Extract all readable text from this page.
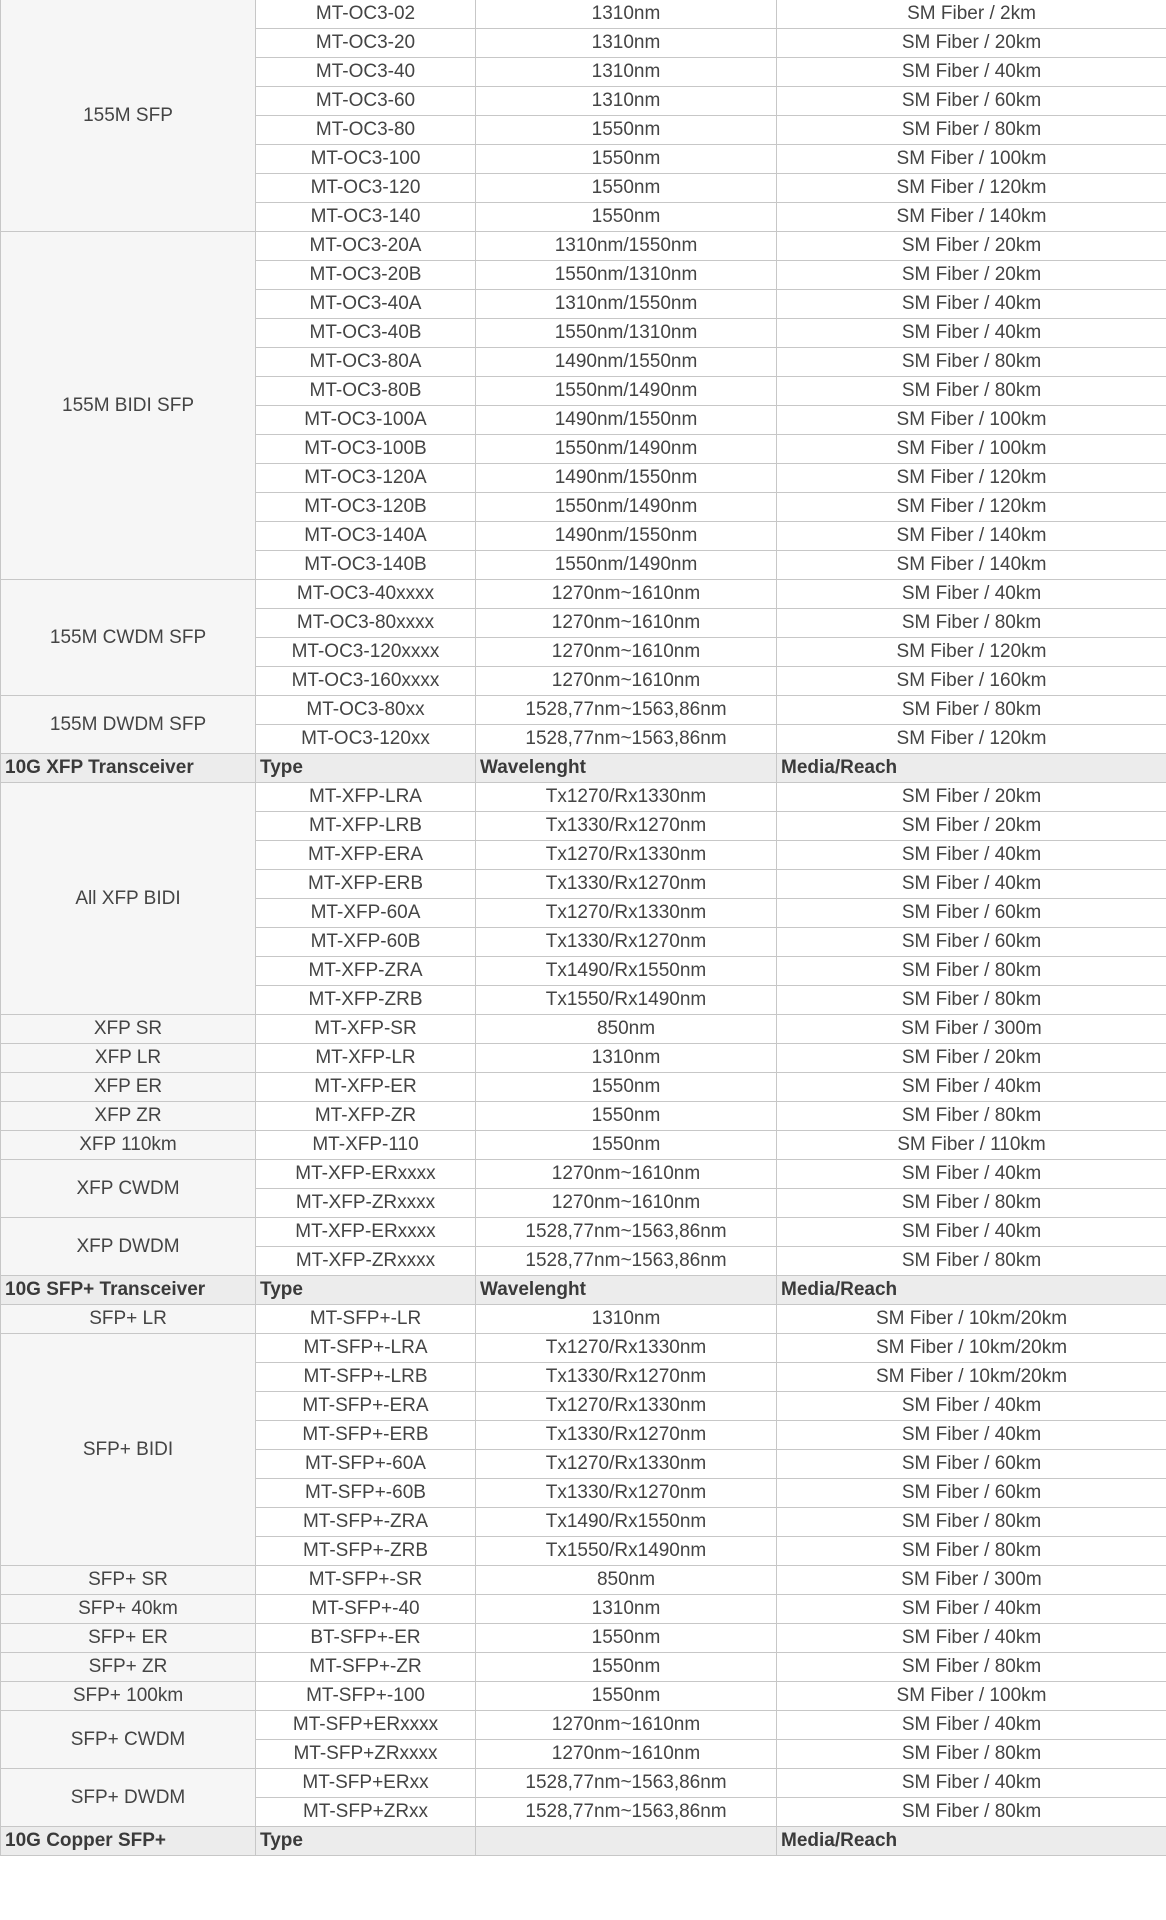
155M SFP	MT-OC3-02	1310nm	SM Fiber / 2km
	MT-OC3-20	1310nm	SM Fiber / 20km
	MT-OC3-40	1310nm	SM Fiber / 40km
	MT-OC3-60	1310nm	SM Fiber / 60km
	MT-OC3-80	1550nm	SM Fiber / 80km
	MT-OC3-100	1550nm	SM Fiber / 100km
	MT-OC3-120	1550nm	SM Fiber / 120km
	MT-OC3-140	1550nm	SM Fiber / 140km
155M BIDI SFP	MT-OC3-20A	1310nm/1550nm	SM Fiber / 20km
	MT-OC3-20B	1550nm/1310nm	SM Fiber / 20km
	MT-OC3-40A	1310nm/1550nm	SM Fiber / 40km
	MT-OC3-40B	1550nm/1310nm	SM Fiber / 40km
	MT-OC3-80A	1490nm/1550nm	SM Fiber / 80km
	MT-OC3-80B	1550nm/1490nm	SM Fiber / 80km
	MT-OC3-100A	1490nm/1550nm	SM Fiber / 100km
	MT-OC3-100B	1550nm/1490nm	SM Fiber / 100km
	MT-OC3-120A	1490nm/1550nm	SM Fiber / 120km
	MT-OC3-120B	1550nm/1490nm	SM Fiber / 120km
	MT-OC3-140A	1490nm/1550nm	SM Fiber / 140km
	MT-OC3-140B	1550nm/1490nm	SM Fiber / 140km
155M CWDM SFP	MT-OC3-40xxxx	1270nm~1610nm	SM Fiber / 40km
	MT-OC3-80xxxx	1270nm~1610nm	SM Fiber / 80km
	MT-OC3-120xxxx	1270nm~1610nm	SM Fiber / 120km
	MT-OC3-160xxxx	1270nm~1610nm	SM Fiber / 160km
155M DWDM SFP	MT-OC3-80xx	1528,77nm~1563,86nm	SM Fiber / 80km
	MT-OC3-120xx	1528,77nm~1563,86nm	SM Fiber / 120km
10G XFP Transceiver	Type	Wavelenght	Media/Reach
All XFP BIDI	MT-XFP-LRA	Tx1270/Rx1330nm	SM Fiber / 20km
	MT-XFP-LRB	Tx1330/Rx1270nm	SM Fiber / 20km
	MT-XFP-ERA	Tx1270/Rx1330nm	SM Fiber / 40km
	MT-XFP-ERB	Tx1330/Rx1270nm	SM Fiber / 40km
	MT-XFP-60A	Tx1270/Rx1330nm	SM Fiber / 60km
	MT-XFP-60B	Tx1330/Rx1270nm	SM Fiber / 60km
	MT-XFP-ZRA	Tx1490/Rx1550nm	SM Fiber / 80km
	MT-XFP-ZRB	Tx1550/Rx1490nm	SM Fiber / 80km
XFP SR	MT-XFP-SR	850nm	SM Fiber / 300m
XFP LR	MT-XFP-LR	1310nm	SM Fiber / 20km
XFP ER	MT-XFP-ER	1550nm	SM Fiber / 40km
XFP ZR	MT-XFP-ZR	1550nm	SM Fiber / 80km
XFP 110km	MT-XFP-110	1550nm	SM Fiber / 110km
XFP CWDM	MT-XFP-ERxxxx	1270nm~1610nm	SM Fiber / 40km
	MT-XFP-ZRxxxx	1270nm~1610nm	SM Fiber / 80km
XFP DWDM	MT-XFP-ERxxxx	1528,77nm~1563,86nm	SM Fiber / 40km
	MT-XFP-ZRxxxx	1528,77nm~1563,86nm	SM Fiber / 80km
10G SFP+ Transceiver	Type	Wavelenght	Media/Reach
SFP+ LR	MT-SFP+-LR	1310nm	SM Fiber / 10km/20km
SFP+ BIDI	MT-SFP+-LRA	Tx1270/Rx1330nm	SM Fiber / 10km/20km
	MT-SFP+-LRB	Tx1330/Rx1270nm	SM Fiber / 10km/20km
	MT-SFP+-ERA	Tx1270/Rx1330nm	SM Fiber / 40km
	MT-SFP+-ERB	Tx1330/Rx1270nm	SM Fiber / 40km
	MT-SFP+-60A	Tx1270/Rx1330nm	SM Fiber / 60km
	MT-SFP+-60B	Tx1330/Rx1270nm	SM Fiber / 60km
	MT-SFP+-ZRA	Tx1490/Rx1550nm	SM Fiber / 80km
	MT-SFP+-ZRB	Tx1550/Rx1490nm	SM Fiber / 80km
SFP+ SR	MT-SFP+-SR	850nm	SM Fiber / 300m
SFP+ 40km	MT-SFP+-40	1310nm	SM Fiber / 40km
SFP+ ER	BT-SFP+-ER	1550nm	SM Fiber / 40km
SFP+ ZR	MT-SFP+-ZR	1550nm	SM Fiber / 80km
SFP+ 100km	MT-SFP+-100	1550nm	SM Fiber / 100km
SFP+ CWDM	MT-SFP+ERxxxx	1270nm~1610nm	SM Fiber / 40km
	MT-SFP+ZRxxxx	1270nm~1610nm	SM Fiber / 80km
SFP+ DWDM	MT-SFP+ERxx	1528,77nm~1563,86nm	SM Fiber / 40km
	MT-SFP+ZRxx	1528,77nm~1563,86nm	SM Fiber / 80km
10G Copper SFP+	Type		Media/Reach
